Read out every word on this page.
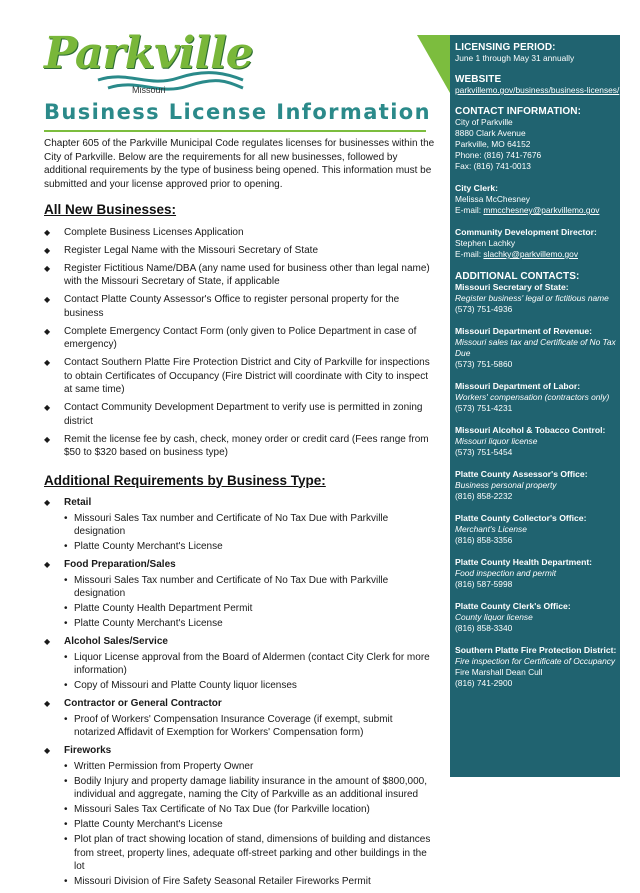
Parkville
Missouri
Business License Information

Chapter 605 of the Parkville Municipal Code regulates licenses for businesses within the City of Parkville. Below are the requirements for all new businesses, followed by additional requirements by the type of business being opened. This information must be submitted and your license approved prior to opening.

All New Businesses:
◆ Complete Business Licenses Application
◆ Register Legal Name with the Missouri Secretary of State
◆ Register Fictitious Name/DBA (any name used for business other than legal name) with the Missouri Secretary of State, if applicable
◆ Contact Platte County Assessor's Office to register personal property for the business
◆ Complete Emergency Contact Form (only given to Police Department in case of emergency)
◆ Contact Southern Platte Fire Protection District and City of Parkville for inspections to obtain Certificates of Occupancy (Fire District will coordinate with City to inspect at same time)
◆ Contact Community Development Department to verify use is permitted in zoning district
◆ Remit the license fee by cash, check, money order or credit card (Fees range from $50 to $320 based on business type)
Additional Requirements by Business Type:
◆ Retail
• Missouri Sales Tax number and Certificate of No Tax Due with Parkville designation
• Platte County Merchant's License
◆ Food Preparation/Sales
• Missouri Sales Tax number and Certificate of No Tax Due with Parkville designation
• Platte County Health Department Permit
• Platte County Merchant's License
◆ Alcohol Sales/Service
• Liquor License approval from the Board of Aldermen (contact City Clerk for more information)
• Copy of Missouri and Platte County liquor licenses
◆ Contractor or General Contractor
• Proof of Workers' Compensation Insurance Coverage (if exempt, submit notarized Affidavit of Exemption for Workers' Compensation form)
◆ Fireworks
• Written Permission from Property Owner
• Bodily Injury and property damage liability insurance in the amount of $800,000, individual and aggregate, naming the City of Parkville as an additional insured
• Missouri Sales Tax Certificate of No Tax Due (for Parkville location)
• Platte County Merchant's License
• Plot plan of tract showing location of stand, dimensions of building and distances from street, property lines, adequate off-street parking and other buildings in the lot
• Missouri Division of Fire Safety Seasonal Retailer Fireworks Permit
LICENSING PERIOD:
June 1 through May 31 annually
WEBSITE
parkvillemo.gov/business/business-licenses/
CONTACT INFORMATION:
City of Parkville
8880 Clark Avenue
Parkville, MO 64152
Phone: (816) 741-7676
Fax: (816) 741-0013
City Clerk:
Melissa McChesney
E-mail: mmcchesney@parkvillemo.gov
Community Development Director:
Stephen Lachky
E-mail: slachky@parkvillemo.gov
ADDITIONAL CONTACTS:
Missouri Secretary of State:
Register business' legal or fictitious name
(573) 751-4936
Missouri Department of Revenue:
Missouri sales tax and Certificate of No Tax Due
(573) 751-5860
Missouri Department of Labor:
Workers' compensation (contractors only)
(573) 751-4231
Missouri Alcohol & Tobacco Control:
Missouri liquor license
(573) 751-5454
Platte County Assessor's Office:
Business personal property
(816) 858-2232
Platte County Collector's Office:
Merchant's License
(816) 858-3356
Platte County Health Department:
Food inspection and permit
(816) 587-5998
Platte County Clerk's Office:
County liquor license
(816) 858-3340
Southern Platte Fire Protection District:
Fire inspection for Certificate of Occupancy
Fire Marshall Dean Cull
(816) 741-2900
